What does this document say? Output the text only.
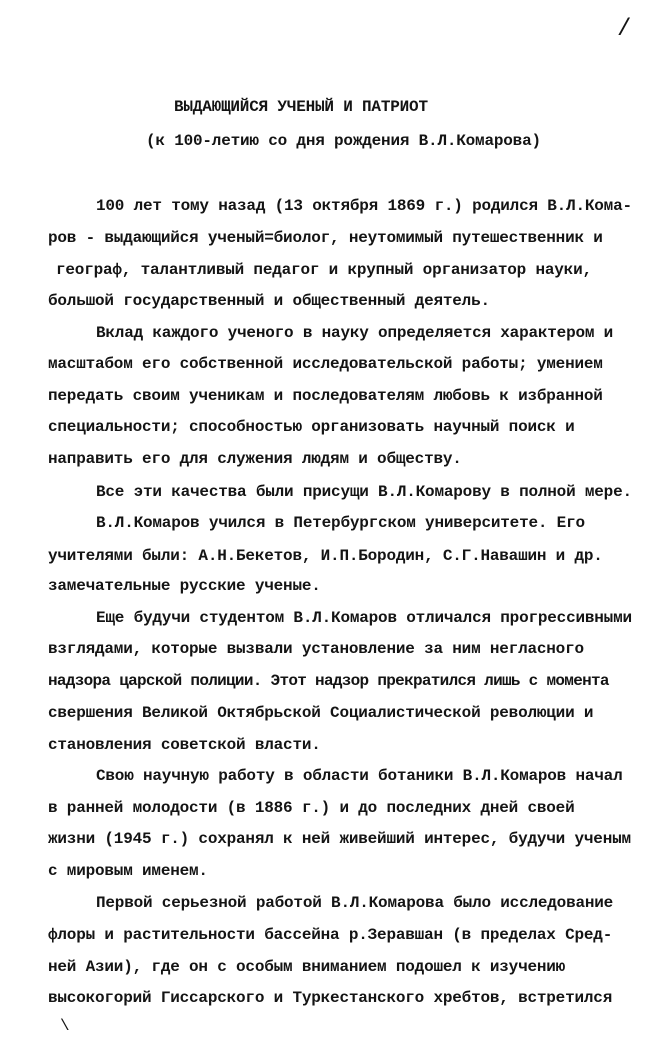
/
ВЫДАЮЩИЙСЯ УЧЕНЫЙ И ПАТРИОТ
(к 100-летию со дня рождения В.Л.Комарова)
100 лет тому назад (13 октября 1869 г.) родился В.Л.Кома-
ров - выдающийся ученый=биолог, неутомимый путешественник и
географ, талантливый педагог и крупный организатор науки,
большой государственный и общественный деятель.
Вклад каждого ученого в науку определяется характером и
масштабом его собственной исследовательской работы; умением
передать своим ученикам и последователям любовь к избранной
специальности; способностью организовать научный поиск и
направить его для служения людям и обществу.
Все эти качества были присущи В.Л.Комарову в полной мере.
В.Л.Комаров учился в Петербургском университете. Его
учителями были: А.Н.Бекетов, И.П.Бородин, С.Г.Навашин и др.
замечательные русские ученые.
Еще будучи студентом В.Л.Комаров отличался прогрессивными
взглядами, которые вызвали установление за ним негласного
надзора царской полиции. Этот надзор прекратился лишь с момента
свершения Великой Октябрьской Социалистической революции и
становления советской власти.
Свою научную работу в области ботаники В.Л.Комаров начал
в ранней молодости (в 1886 г.) и до последних дней своей
жизни (1945 г.) сохранял к ней живейший интерес, будучи ученым
с мировым именем.
Первой серьезной работой В.Л.Комарова было исследование
флоры и растительности бассейна р.Зеравшан (в пределах Сред-
ней Азии), где он с особым вниманием подошел к изучению
высокогорий Гиссарского и Туркестанского хребтов, встретился
\
